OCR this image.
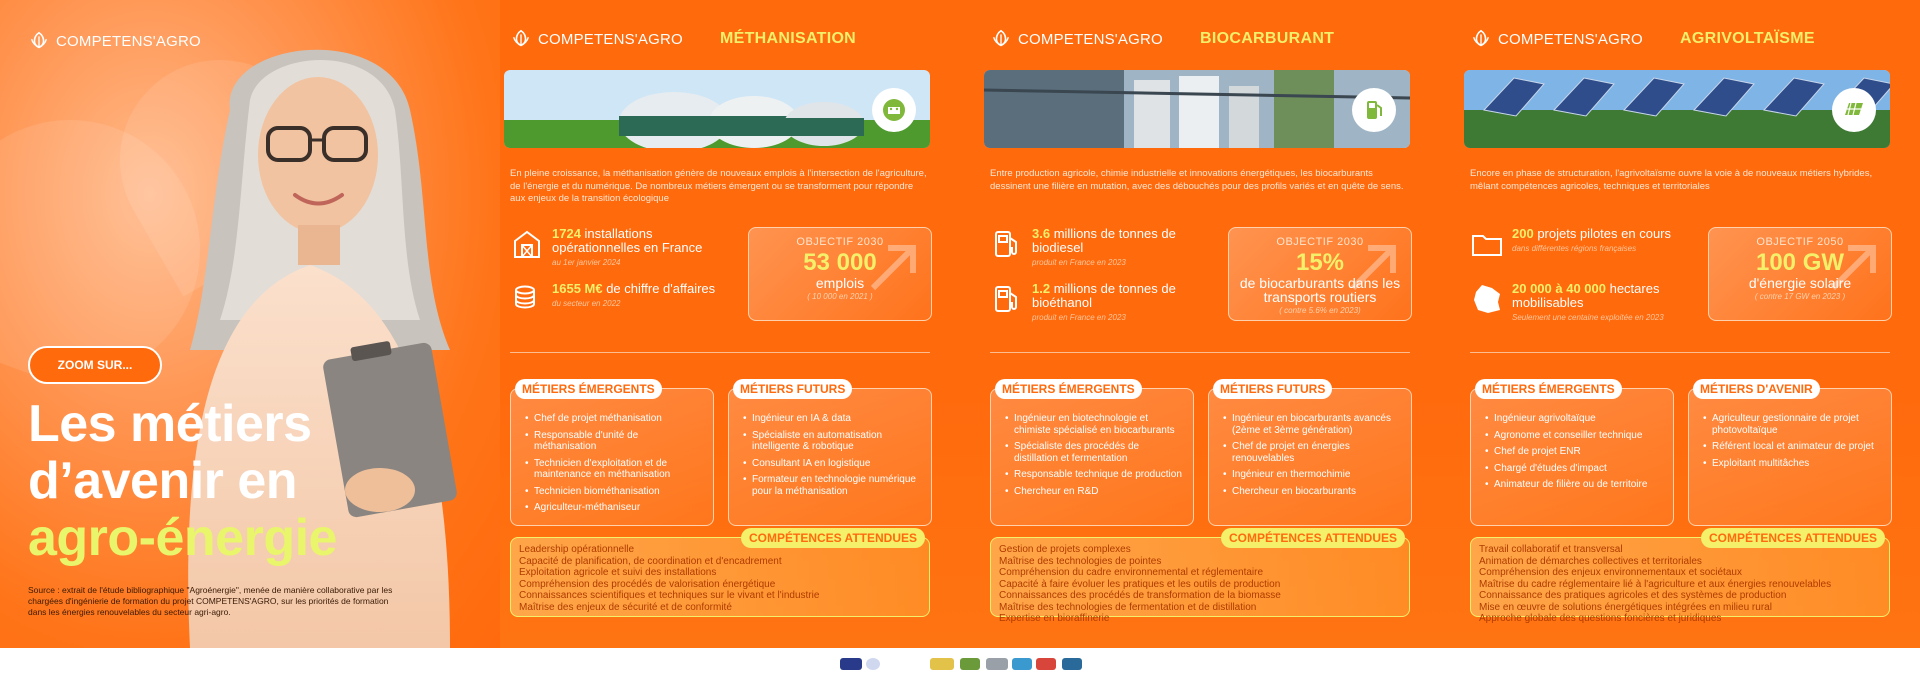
COMPETENS'AGRO
ZOOM SUR...
Les métiers
d’avenir en
agro-énergie

Source : extrait de l'étude bibliographique "Agroénergie", menée de manière collaborative par les chargées d'ingénierie de formation du projet COMPETENS'AGRO, sur les priorités de formation dans les énergies renouvelables du secteur agri-agro.

COMPETENS'AGRO MÉTHANISATION

En pleine croissance, la méthanisation génère de nouveaux emplois à l'intersection de l'agriculture, de l'énergie et du numérique. De nombreux métiers émergent ou se transforment pour répondre aux enjeux de la transition écologique

1724 installations opérationnelles en France
au 1er janvier 2024
1655 M€ de chiffre d'affaires
du secteur en 2022
OBJECTIF 2030
53 000
emplois
( 10 000 en 2021 )
MÉTIERS ÉMERGENTS
• Chef de projet méthanisation
• Responsable d'unité de méthanisation
• Technicien d'exploitation et de maintenance en méthanisation
• Technicien biométhanisation
• Agriculteur-méthaniseur
MÉTIERS FUTURS
• Ingénieur en IA & data
• Spécialiste en automatisation intelligente & robotique
• Consultant IA en logistique
• Formateur en technologie numérique pour la méthanisation
COMPÉTENCES ATTENDUES
Leadership opérationnelle
Capacité de planification, de coordination et d'encadrement
Exploitation agricole et suivi des installations
Compréhension des procédés de valorisation énergétique
Connaissances scientifiques et techniques sur le vivant et l'industrie
Maîtrise des enjeux de sécurité et de conformité
COMPETENS'AGRO BIOCARBURANT

Entre production agricole, chimie industrielle et innovations énergétiques, les biocarburants dessinent une filière en mutation, avec des débouchés pour des profils variés et en quête de sens.

3.6 millions de tonnes de biodiesel
produit en France en 2023
1.2 millions de tonnes de bioéthanol
produit en France en 2023
OBJECTIF 2030
15%
de biocarburants dans les transports routiers
( contre 5.6% en 2023)
MÉTIERS ÉMERGENTS
• Ingénieur en biotechnologie et chimiste spécialisé en biocarburants
• Spécialiste des procédés de distillation et fermentation
• Responsable technique de production
• Chercheur en R&D
MÉTIERS FUTURS
• Ingénieur en biocarburants avancés (2ème et 3ème génération)
• Chef de projet en énergies renouvelables
• Ingénieur en thermochimie
• Chercheur en biocarburants
COMPÉTENCES ATTENDUES
Gestion de projets complexes
Maîtrise des technologies de pointes
Compréhension du cadre environnemental et réglementaire
Capacité à faire évoluer les pratiques et les outils de production
Connaissances des procédés de transformation de la biomasse
Maîtrise des technologies de fermentation et de distillation
Expertise en bioraffinerie
COMPETENS'AGRO AGRIVOLTAÏSME

Encore en phase de structuration, l'agrivoltaïsme ouvre la voie à de nouveaux métiers hybrides, mêlant compétences agricoles, techniques et territoriales

200 projets pilotes en cours
dans différentes régions françaises
20 000 à 40 000 hectares mobilisables
Seulement une centaine exploitée en 2023
OBJECTIF 2050
100 GW
d'énergie solaire
( contre 17 GW en 2023 )
MÉTIERS ÉMERGENTS
• Ingénieur agrivoltaïque
• Agronome et conseiller technique
• Chef de projet ENR
• Chargé d'études d'impact
• Animateur de filière ou de territoire
MÉTIERS D'AVENIR
• Agriculteur gestionnaire de projet photovoltaïque
• Référent local et animateur de projet
• Exploitant multitâches
COMPÉTENCES ATTENDUES
Travail collaboratif et transversal
Animation de démarches collectives et territoriales
Compréhension des enjeux environnementaux et sociétaux
Maîtrise du cadre réglementaire lié à l'agriculture et aux énergies renouvelables
Connaissance des pratiques agricoles et des systèmes de production
Mise en œuvre de solutions énergétiques intégrées en milieu rural
Approche globale des questions foncières et juridiques
